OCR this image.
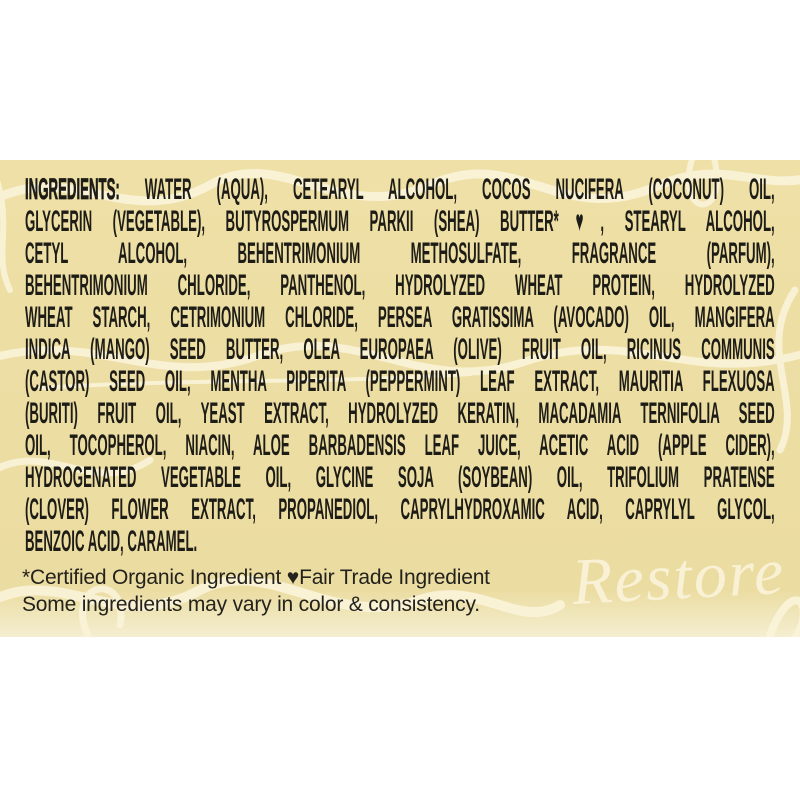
Restore
INGREDIENTS: WATER (AQUA), CETEARYL ALCOHOL, COCOS NUCIFERA (COCONUT) OIL,
GLYCERIN (VEGETABLE), BUTYROSPERMUM PARKII (SHEA) BUTTER*♥, STEARYL ALCOHOL,
CETYL ALCOHOL, BEHENTRIMONIUM METHOSULFATE, FRAGRANCE (PARFUM),
BEHENTRIMONIUM CHLORIDE, PANTHENOL, HYDROLYZED WHEAT PROTEIN, HYDROLYZED
WHEAT STARCH, CETRIMONIUM CHLORIDE, PERSEA GRATISSIMA (AVOCADO) OIL, MANGIFERA
INDICA (MANGO) SEED BUTTER, OLEA EUROPAEA (OLIVE) FRUIT OIL, RICINUS COMMUNIS
(CASTOR) SEED OIL, MENTHA PIPERITA (PEPPERMINT) LEAF EXTRACT, MAURITIA FLEXUOSA
(BURITI) FRUIT OIL, YEAST EXTRACT, HYDROLYZED KERATIN, MACADAMIA TERNIFOLIA SEED
OIL, TOCOPHEROL, NIACIN, ALOE BARBADENSIS LEAF JUICE, ACETIC ACID (APPLE CIDER),
HYDROGENATED VEGETABLE OIL, GLYCINE SOJA (SOYBEAN) OIL, TRIFOLIUM PRATENSE
(CLOVER) FLOWER EXTRACT, PROPANEDIOL, CAPRYLHYDROXAMIC ACID, CAPRYLYL GLYCOL,
BENZOIC ACID, CARAMEL.
*Certified Organic Ingredient ♥Fair Trade Ingredient
Some ingredients may vary in color & consistency.
